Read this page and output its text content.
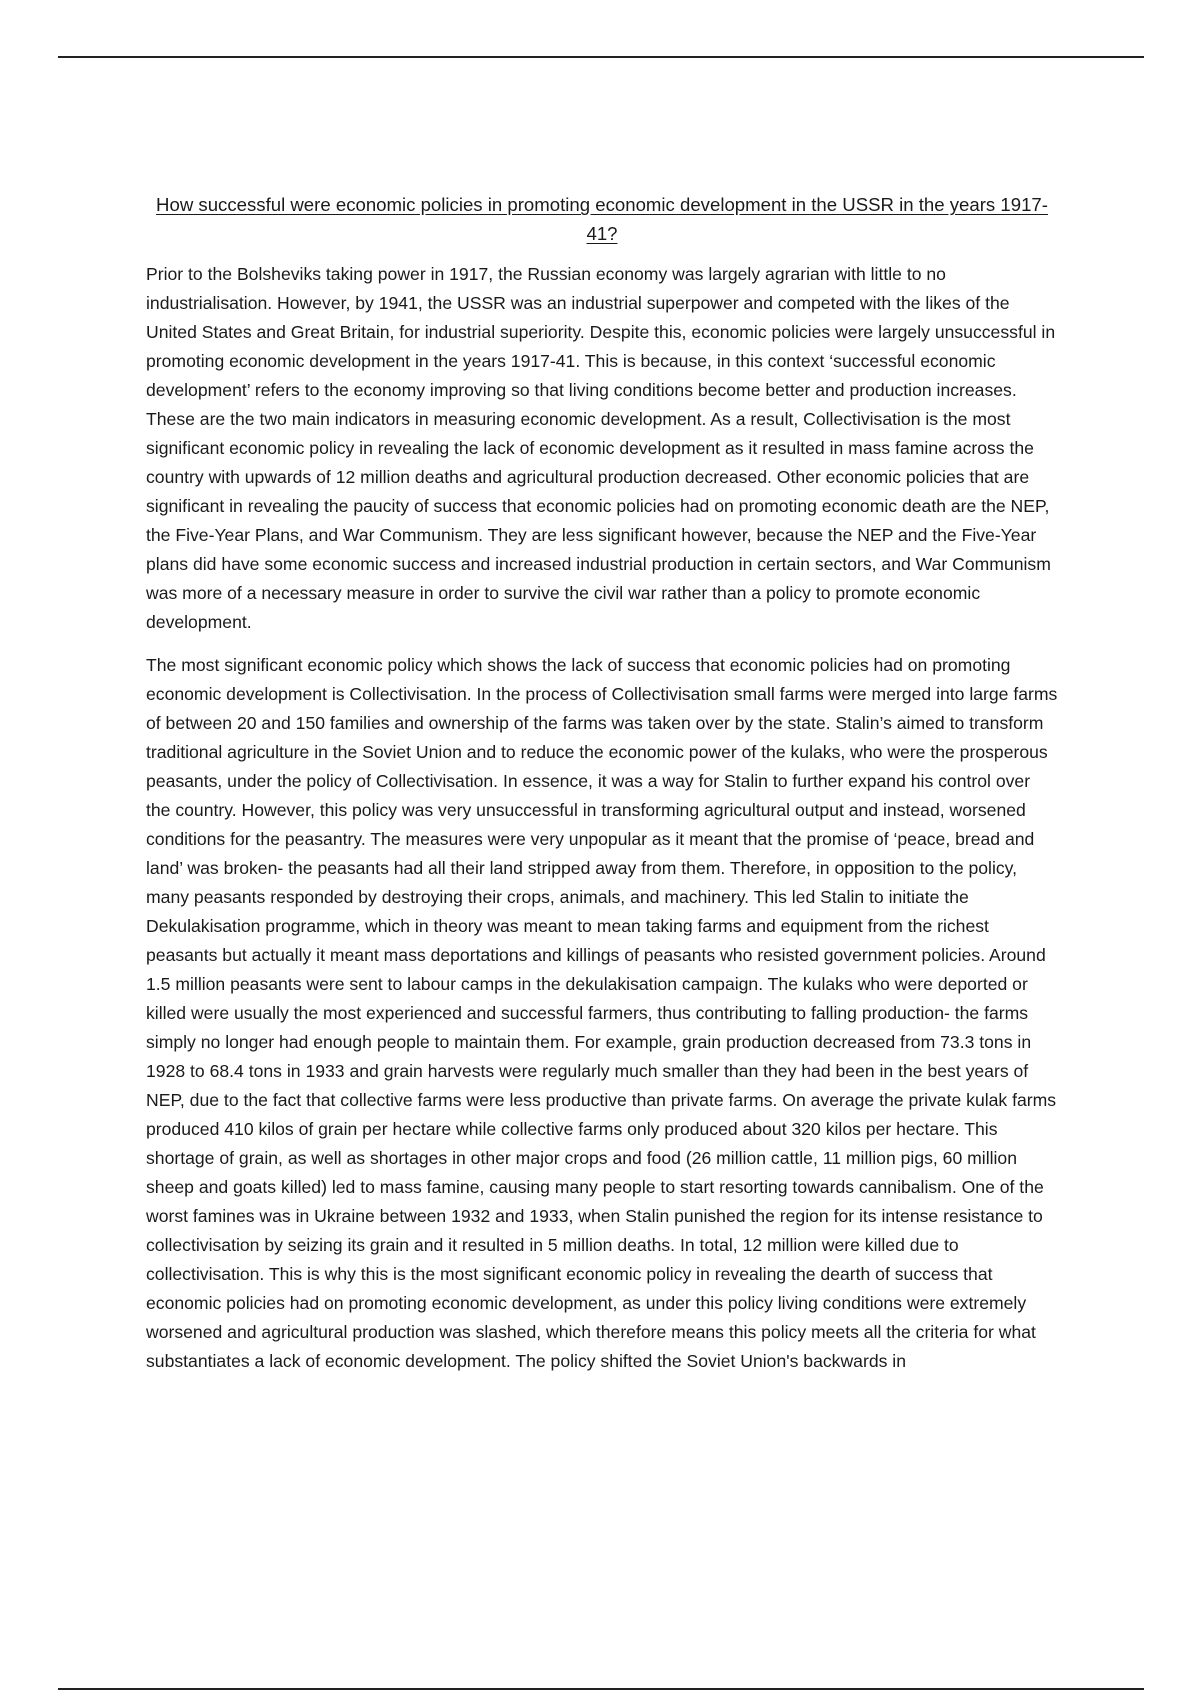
How successful were economic policies in promoting economic development in the USSR in the years 1917-41?

Prior to the Bolsheviks taking power in 1917, the Russian economy was largely agrarian with little to no industrialisation. However, by 1941, the USSR was an industrial superpower and competed with the likes of the United States and Great Britain, for industrial superiority. Despite this, economic policies were largely unsuccessful in promoting economic development in the years 1917-41. This is because, in this context ‘successful economic development’ refers to the economy improving so that living conditions become better and production increases. These are the two main indicators in measuring economic development. As a result, Collectivisation is the most significant economic policy in revealing the lack of economic development as it resulted in mass famine across the country with upwards of 12 million deaths and agricultural production decreased. Other economic policies that are significant in revealing the paucity of success that economic policies had on promoting economic death are the NEP, the Five-Year Plans, and War Communism. They are less significant however, because the NEP and the Five-Year plans did have some economic success and increased industrial production in certain sectors, and War Communism was more of a necessary measure in order to survive the civil war rather than a policy to promote economic development.

The most significant economic policy which shows the lack of success that economic policies had on promoting economic development is Collectivisation. In the process of Collectivisation small farms were merged into large farms of between 20 and 150 families and ownership of the farms was taken over by the state. Stalin’s aimed to transform traditional agriculture in the Soviet Union and to reduce the economic power of the kulaks, who were the prosperous peasants, under the policy of Collectivisation. In essence, it was a way for Stalin to further expand his control over the country. However, this policy was very unsuccessful in transforming agricultural output and instead, worsened conditions for the peasantry. The measures were very unpopular as it meant that the promise of ‘peace, bread and land’ was broken- the peasants had all their land stripped away from them. Therefore, in opposition to the policy, many peasants responded by destroying their crops, animals, and machinery. This led Stalin to initiate the Dekulakisation programme, which in theory was meant to mean taking farms and equipment from the richest peasants but actually it meant mass deportations and killings of peasants who resisted government policies. Around 1.5 million peasants were sent to labour camps in the dekulakisation campaign. The kulaks who were deported or killed were usually the most experienced and successful farmers, thus contributing to falling production- the farms simply no longer had enough people to maintain them. For example, grain production decreased from 73.3 tons in 1928 to 68.4 tons in 1933 and grain harvests were regularly much smaller than they had been in the best years of NEP, due to the fact that collective farms were less productive than private farms. On average the private kulak farms produced 410 kilos of grain per hectare while collective farms only produced about 320 kilos per hectare. This shortage of grain, as well as shortages in other major crops and food (26 million cattle, 11 million pigs, 60 million sheep and goats killed) led to mass famine, causing many people to start resorting towards cannibalism. One of the worst famines was in Ukraine between 1932 and 1933, when Stalin punished the region for its intense resistance to collectivisation by seizing its grain and it resulted in 5 million deaths. In total, 12 million were killed due to collectivisation. This is why this is the most significant economic policy in revealing the dearth of success that economic policies had on promoting economic development, as under this policy living conditions were extremely worsened and agricultural production was slashed, which therefore means this policy meets all the criteria for what substantiates a lack of economic development. The policy shifted the Soviet Union's backwards in
